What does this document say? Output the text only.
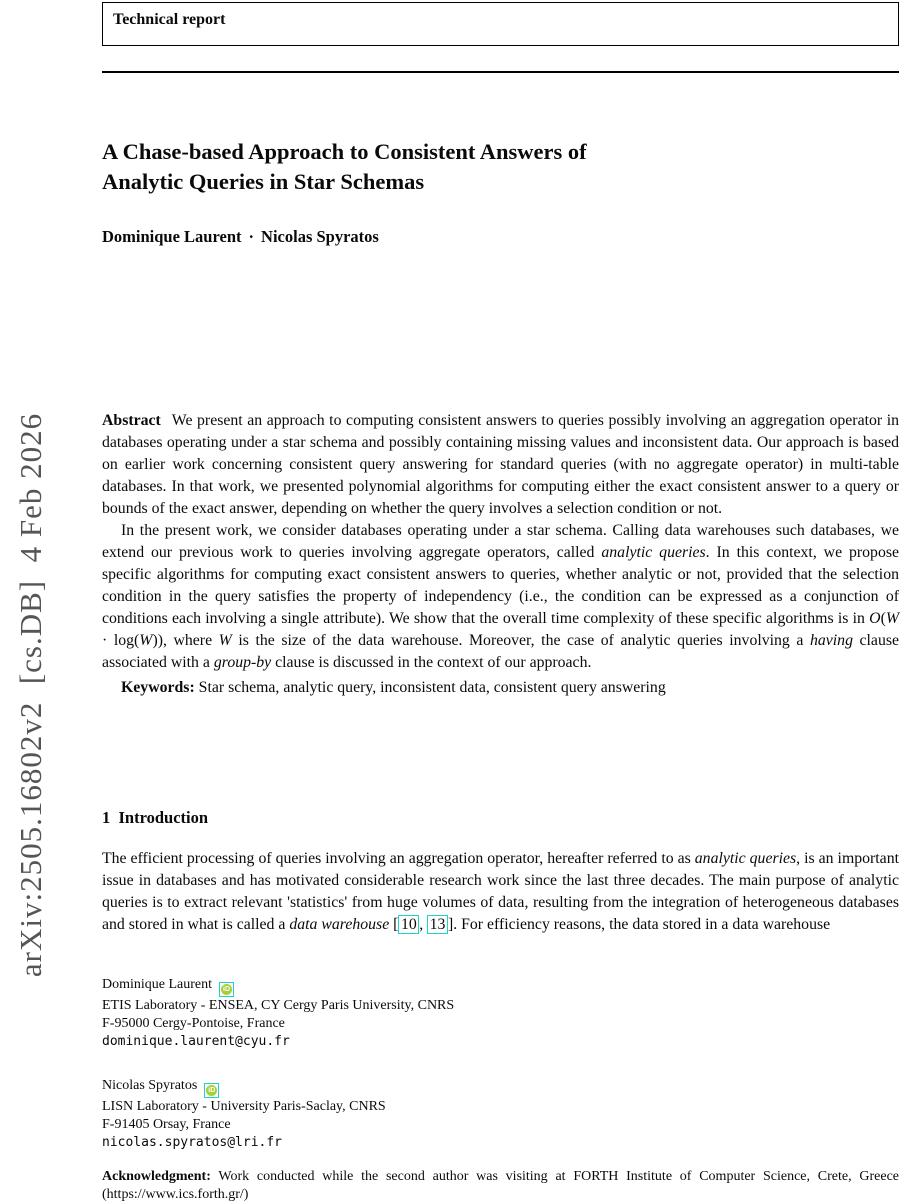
arXiv:2505.16802v2  [cs.DB]  4 Feb 2026
Technical report
A Chase-based Approach to Consistent Answers of
Analytic Queries in Star Schemas
Dominique Laurent · Nicolas Spyratos

Abstract We present an approach to computing consistent answers to queries possibly involving an aggregation operator in databases operating under a star schema and possibly containing missing values and inconsistent data. Our approach is based on earlier work concerning consistent query answering for standard queries (with no aggregate operator) in multi-table databases. In that work, we presented polynomial algorithms for computing either the exact consistent answer to a query or bounds of the exact answer, depending on whether the query involves a selection condition or not.

In the present work, we consider databases operating under a star schema. Calling data warehouses such databases, we extend our previous work to queries involving aggregate operators, called analytic queries. In this context, we propose specific algorithms for computing exact consistent answers to queries, whether analytic or not, provided that the selection condition in the query satisfies the property of independency (i.e., the condition can be expressed as a conjunction of conditions each involving a single attribute). We show that the overall time complexity of these specific algorithms is in O(W · log(W)), where W is the size of the data warehouse. Moreover, the case of analytic queries involving a having clause associated with a group-by clause is discussed in the context of our approach.

Keywords: Star schema, analytic query, inconsistent data, consistent query answering

1  Introduction

The efficient processing of queries involving an aggregation operator, hereafter referred to as analytic queries, is an important issue in databases and has motivated considerable research work since the last three decades. The main purpose of analytic queries is to extract relevant 'statistics' from huge volumes of data, resulting from the integration of heterogeneous databases and stored in what is called a data warehouse [ 10 , 13 ]. For efficiency reasons, the data stored in a data warehouse

Dominique Laurent iD
ETIS Laboratory - ENSEA, CY Cergy Paris University, CNRS
F-95000 Cergy-Pontoise, France
dominique.laurent@cyu.fr
Nicolas Spyratos iD
LISN Laboratory - University Paris-Saclay, CNRS
F-91405 Orsay, France
nicolas.spyratos@lri.fr

Acknowledgment: Work conducted while the second author was visiting at FORTH Institute of Computer Science, Crete, Greece (https://www.ics.forth.gr/)
